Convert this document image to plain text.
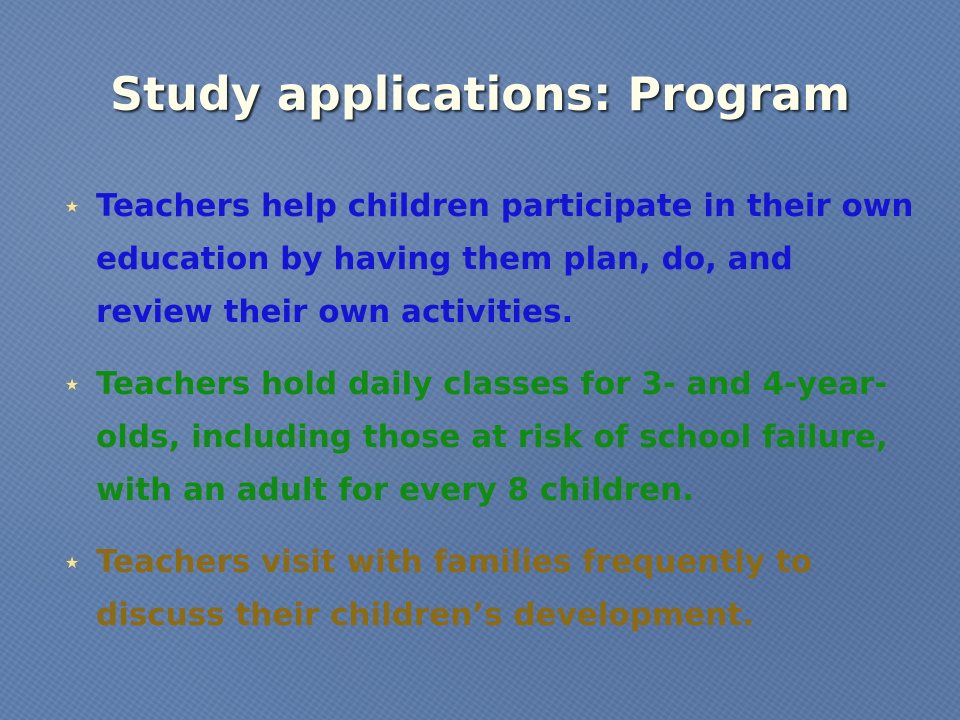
Study applications: Program
★ Teachers help children participate in their own education by having them plan, do, and review their own activities.
★ Teachers hold daily classes for 3- and 4-year-olds, including those at risk of school failure, with an adult for every 8 children.
★ Teachers visit with families frequently to discuss their children’s development.
